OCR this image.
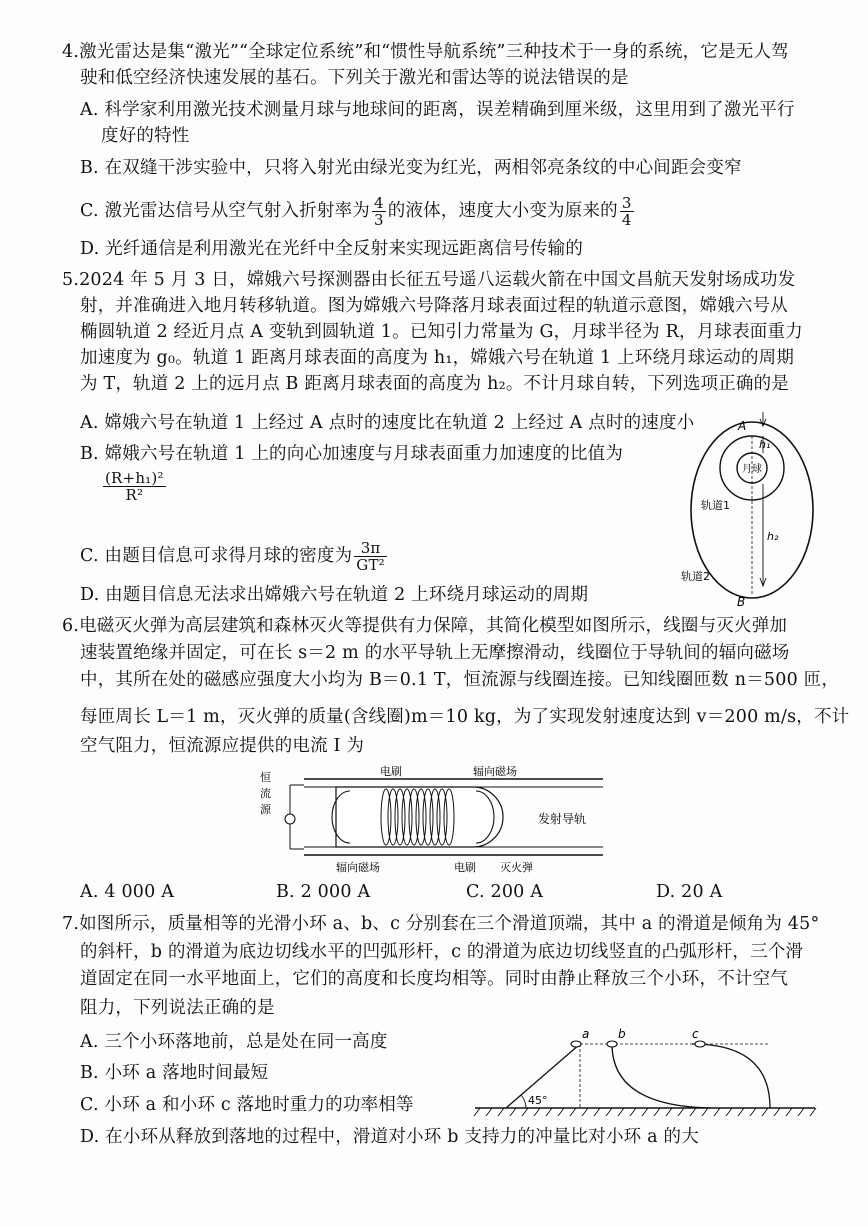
4.激光雷达是集“激光”“全球定位系统”和“惯性导航系统”三种技术于一身的系统，它是无人驾
驶和低空经济快速发展的基石。下列关于激光和雷达等的说法错误的是
A. 科学家利用激光技术测量月球与地球间的距离，误差精确到厘米级，这里用到了激光平行
度好的特性
B. 在双缝干涉实验中，只将入射光由绿光变为红光，两相邻亮条纹的中心间距会变窄
C. 激光雷达信号从空气射入折射率为 $\frac{4}{3}$ 的液体，速度大小变为原来的 $\frac{3}{4}$
D. 光纤通信是利用激光在光纤中全反射来实现远距离信号传输的
5.2024 年 5 月 3 日，嫦娥六号探测器由长征五号遥八运载火箭在中国文昌航天发射场成功发
射，并准确进入地月转移轨道。图为嫦娥六号降落月球表面过程的轨道示意图，嫦娥六号从
椭圆轨道 2 经近月点 A 变轨到圆轨道 1。已知引力常量为 G，月球半径为 R，月球表面重力
加速度为 g₀。轨道 1 距离月球表面的高度为 h₁，嫦娥六号在轨道 1 上环绕月球运动的周期
为 T，轨道 2 上的远月点 B 距离月球表面的高度为 h₂。不计月球自转，下列选项正确的是
A. 嫦娥六号在轨道 1 上经过 A 点时的速度比在轨道 2 上经过 A 点时的速度小
B. 嫦娥六号在轨道 1 上的向心加速度与月球表面重力加速度的比值为
$\frac{\text{(R+h₁)²}}{\text{R²}}$
C. 由题目信息可求得月球的密度为 $\frac{3\pi}{\text{GT²}}$
D. 由题目信息无法求出嫦娥六号在轨道 2 上环绕月球运动的周期
月球
A
h₁
h₂
轨道1
轨道2
B
6.电磁灭火弹为高层建筑和森林灭火等提供有力保障，其简化模型如图所示，线圈与灭火弹加
速装置绝缘并固定，可在长 s＝2 m 的水平导轨上无摩擦滑动，线圈位于导轨间的辐向磁场
中，其所在处的磁感应强度大小均为 B＝0.1 T，恒流源与线圈连接。已知线圈匝数 n＝500 匝，
每匝周长 L＝1 m，灭火弹的质量(含线圈)m＝10 kg，为了实现发射速度达到 v＝200 m/s，不计
空气阻力，恒流源应提供的电流 I 为
恒
流
源
电刷	辐向磁场
发射导轨
辐向磁场	电刷 灭火弹
A. 4 000 A	B. 2 000 A	C. 200 A	D. 20 A
7.如图所示，质量相等的光滑小环 a、b、c 分别套在三个滑道顶端，其中 a 的滑道是倾角为 45°
的斜杆，b 的滑道为底边切线水平的凹弧形杆，c 的滑道为底边切线竖直的凸弧形杆，三个滑
道固定在同一水平地面上，它们的高度和长度均相等。同时由静止释放三个小环，不计空气
阻力，下列说法正确的是
A. 三个小环落地前，总是处在同一高度
B. 小环 a 落地时间最短
C. 小环 a 和小环 c 落地时重力的功率相等
D. 在小环从释放到落地的过程中，滑道对小环 b 支持力的冲量比对小环 a 的大
45°
a b	c
